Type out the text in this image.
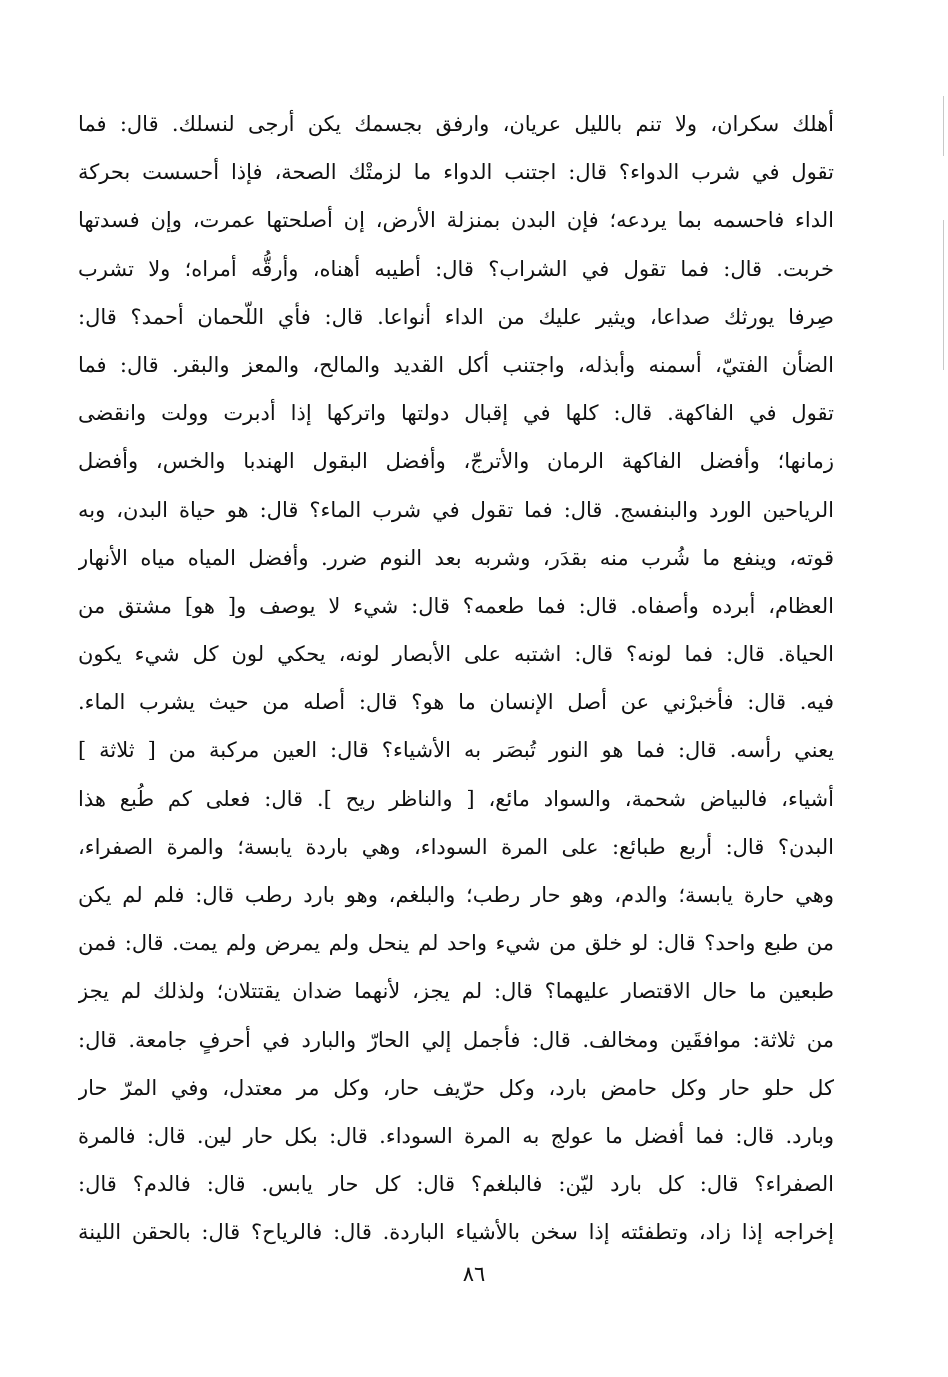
أهلك سكران، ولا تنم بالليل عريان، وارفق بجسمك يكن أرجى لنسلك. قال: فما
تقول في شرب الدواء؟ قال: اجتنب الدواء ما لزمتْك الصحة، فإذا أحسست بحركة
الداء فاحسمه بما يردعه؛ فإن البدن بمنزلة الأرض، إن أصلحتها عمرت، وإن فسدتها
خربت. قال: فما تقول في الشراب؟ قال: أطيبه أهناه، وأرقُّه أمراه؛ ولا تشرب
صِرفا يورثك صداعا، ويثير عليك من الداء أنواعا. قال: فأي اللّحمان أحمد؟ قال:
الضأن الفتيّ، أسمنه وأبذله، واجتنب أكل القديد والمالح، والمعز والبقر. قال: فما
تقول في الفاكهة. قال: كلها في إقبال دولتها واتركها إذا أدبرت وولت وانقضى
زمانها؛ وأفضل الفاكهة الرمان والأترجّ، وأفضل البقول الهندبا والخس، وأفضل
الرياحين الورد والبنفسج. قال: فما تقول في شرب الماء؟ قال: هو حياة البدن، وبه
قوته، وينفع ما شُرب منه بقدَر، وشربه بعد النوم ضرر. وأفضل المياه مياه الأنهار
العظام، أبرده وأصفاه. قال: فما طعمه؟ قال: شيء لا يوصف و[ هو] مشتق من
الحياة. قال: فما لونه؟ قال: اشتبه على الأبصار لونه، يحكي لون كل شيء يكون
فيه. قال: فأخبرْني عن أصل الإنسان ما هو؟ قال: أصله من حيث يشرب الماء.
يعني رأسه. قال: فما هو النور تُبصَر به الأشياء؟ قال: العين مركبة من [ ثلاثة ]
أشياء، فالبياض شحمة، والسواد مائع، [ والناظر ريح ]. قال: فعلى كم طُبع هذا
البدن؟ قال: أربع طبائع: على المرة السوداء، وهي باردة يابسة؛ والمرة الصفراء،
وهي حارة يابسة؛ والدم، وهو حار رطب؛ والبلغم، وهو بارد رطب قال: فلم لم يكن
من طبع واحد؟ قال: لو خلق من شيء واحد لم ينحل ولم يمرض ولم يمت. قال: فمن
طبعين ما حال الاقتصار عليهما؟ قال: لم يجز، لأنهما ضدان يقتتلان؛ ولذلك لم يجز
من ثلاثة: موافقَين ومخالف. قال: فأجمل إلي الحارّ والبارد في أحرفٍ جامعة. قال:
كل حلو حار وكل حامض بارد، وكل حرّيف حار، وكل مر معتدل، وفي المرّ حار
وبارد. قال: فما أفضل ما عولج به المرة السوداء. قال: بكل حار لين. قال: فالمرة
الصفراء؟ قال: كل بارد ليّن: فالبلغم؟ قال: كل حار يابس. قال: فالدم؟ قال:
إخراجه إذا زاد، وتطفئته إذا سخن بالأشياء الباردة. قال: فالرياح؟ قال: بالحقن اللينة
٨٦
